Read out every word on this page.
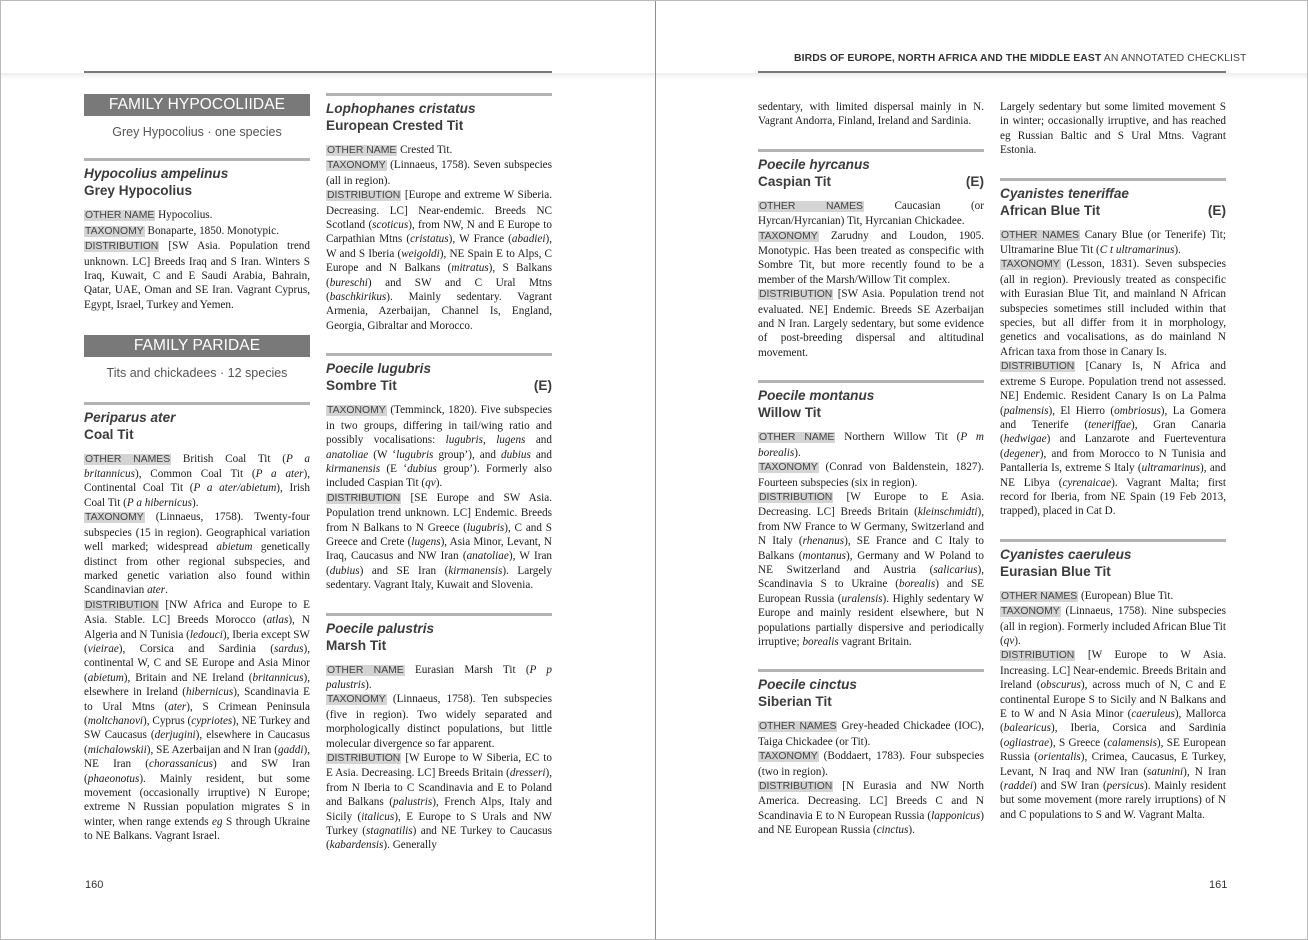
BIRDS OF EUROPE, NORTH AFRICA AND THE MIDDLE EAST AN ANNOTATED CHECKLIST
160	161
FAMILY HYPOCOLIIDAE
Grey Hypocolius · one species
Hypocolius ampelinus
Grey Hypocolius

OTHER NAME Hypocolius.

TAXONOMY Bonaparte, 1850. Monotypic.

DISTRIBUTION [SW Asia. Population trend unknown. LC] Breeds Iraq and S Iran. Winters S Iraq, Kuwait, C and E Saudi Arabia, Bahrain, Qatar, UAE, Oman and SE Iran. Vagrant Cyprus, Egypt, Israel, Turkey and Yemen.

FAMILY PARIDAE
Tits and chickadees · 12 species
Periparus ater
Coal Tit

OTHER NAMES British Coal Tit (P a britannicus), Common Coal Tit (P a ater), Continental Coal Tit (P a ater/abietum), Irish Coal Tit (P a hibernicus).

TAXONOMY (Linnaeus, 1758). Twenty-four subspecies (15 in region). Geographical variation well marked; widespread abietum genetically distinct from other regional subspecies, and marked genetic variation also found within Scandinavian ater.

DISTRIBUTION [NW Africa and Europe to E Asia. Stable. LC] Breeds Morocco (atlas), N Algeria and N Tunisia (ledouci), Iberia except SW (vieirae), Corsica and Sardinia (sardus), continental W, C and SE Europe and Asia Minor (abietum), Britain and NE Ireland (britannicus), elsewhere in Ireland (hibernicus), Scandinavia E to Ural Mtns (ater), S Crimean Peninsula (moltchanovi), Cyprus (cypriotes), NE Turkey and SW Caucasus (derjugini), elsewhere in Caucasus (michalowskii), SE Azerbaijan and N Iran (gaddi), NE Iran (chorassanicus) and SW Iran (phaeonotus). Mainly resident, but some movement (occasionally irruptive) N Europe; extreme N Russian population migrates S in winter, when range extends eg S through Ukraine to NE Balkans. Vagrant Israel.

Lophophanes cristatus
European Crested Tit

OTHER NAME Crested Tit.

TAXONOMY (Linnaeus, 1758). Seven subspecies (all in region).

DISTRIBUTION [Europe and extreme W Siberia. Decreasing. LC] Near-endemic. Breeds NC Scotland (scoticus), from NW, N and E Europe to Carpathian Mtns (cristatus), W France (abadiei), W and S Iberia (weigoldi), NE Spain E to Alps, C Europe and N Balkans (mitratus), S Balkans (bureschi) and SW and C Ural Mtns (baschkirikus). Mainly sedentary. Vagrant Armenia, Azerbaijan, Channel Is, England, Georgia, Gibraltar and Morocco.

Poecile lugubris
Sombre Tit	(E)

TAXONOMY (Temminck, 1820). Five subspecies in two groups, differing in tail/wing ratio and possibly vocalisations: lugubris, lugens and anatoliae (W ‘lugubris group’), and dubius and kirmanensis (E ‘dubius group’). Formerly also included Caspian Tit (qv).

DISTRIBUTION [SE Europe and SW Asia. Population trend unknown. LC] Endemic. Breeds from N Balkans to N Greece (lugubris), C and S Greece and Crete (lugens), Asia Minor, Levant, N Iraq, Caucasus and NW Iran (anatoliae), W Iran (dubius) and SE Iran (kirmanensis). Largely sedentary. Vagrant Italy, Kuwait and Slovenia.

Poecile palustris
Marsh Tit

OTHER NAME Eurasian Marsh Tit (P p palustris).

TAXONOMY (Linnaeus, 1758). Ten subspecies (five in region). Two widely separated and morphologically distinct populations, but little molecular divergence so far apparent.

DISTRIBUTION [W Europe to W Siberia, EC to E Asia. Decreasing. LC] Breeds Britain (dresseri), from N Iberia to C Scandinavia and E to Poland and Balkans (palustris), French Alps, Italy and Sicily (italicus), E Europe to S Urals and NW Turkey (stagnatilis) and NE Turkey to Caucasus (kabardensis). Generally

sedentary, with limited dispersal mainly in N. Vagrant Andorra, Finland, Ireland and Sardinia.

Poecile hyrcanus
Caspian Tit	(E)

OTHER NAMES Caucasian (or Hyrcan/Hyrcanian) Tit, Hyrcanian Chickadee.

TAXONOMY Zarudny and Loudon, 1905. Monotypic. Has been treated as conspecific with Sombre Tit, but more recently found to be a member of the Marsh/Willow Tit complex.

DISTRIBUTION [SW Asia. Population trend not evaluated. NE] Endemic. Breeds SE Azerbaijan and N Iran. Largely sedentary, but some evidence of post-breeding dispersal and altitudinal movement.

Poecile montanus
Willow Tit

OTHER NAME Northern Willow Tit (P m borealis).

TAXONOMY (Conrad von Baldenstein, 1827). Fourteen subspecies (six in region).

DISTRIBUTION [W Europe to E Asia. Decreasing. LC] Breeds Britain (kleinschmidti), from NW France to W Germany, Switzerland and N Italy (rhenanus), SE France and C Italy to Balkans (montanus), Germany and W Poland to NE Switzerland and Austria (salicarius), Scandinavia S to Ukraine (borealis) and SE European Russia (uralensis). Highly sedentary W Europe and mainly resident elsewhere, but N populations partially dispersive and periodically irruptive; borealis vagrant Britain.

Poecile cinctus
Siberian Tit

OTHER NAMES Grey-headed Chickadee (IOC), Taiga Chickadee (or Tit).

TAXONOMY (Boddaert, 1783). Four subspecies (two in region).

DISTRIBUTION [N Eurasia and NW North America. Decreasing. LC] Breeds C and N Scandinavia E to N European Russia (lapponicus) and NE European Russia (cinctus).

Largely sedentary but some limited movement S in winter; occasionally irruptive, and has reached eg Russian Baltic and S Ural Mtns. Vagrant Estonia.

Cyanistes teneriffae
African Blue Tit	(E)

OTHER NAMES Canary Blue (or Tenerife) Tit; Ultramarine Blue Tit (C t ultramarinus).

TAXONOMY (Lesson, 1831). Seven subspecies (all in region). Previously treated as conspecific with Eurasian Blue Tit, and mainland N African subspecies sometimes still included within that species, but all differ from it in morphology, genetics and vocalisations, as do mainland N African taxa from those in Canary Is.

DISTRIBUTION [Canary Is, N Africa and extreme S Europe. Population trend not assessed. NE] Endemic. Resident Canary Is on La Palma (palmensis), El Hierro (ombriosus), La Gomera and Tenerife (teneriffae), Gran Canaria (hedwigae) and Lanzarote and Fuerteventura (degener), and from Morocco to N Tunisia and Pantalleria Is, extreme S Italy (ultramarinus), and NE Libya (cyrenaicae). Vagrant Malta; first record for Iberia, from NE Spain (19 Feb 2013, trapped), placed in Cat D.

Cyanistes caeruleus
Eurasian Blue Tit

OTHER NAMES (European) Blue Tit.

TAXONOMY (Linnaeus, 1758). Nine subspecies (all in region). Formerly included African Blue Tit (qv).

DISTRIBUTION [W Europe to W Asia. Increasing. LC] Near-endemic. Breeds Britain and Ireland (obscurus), across much of N, C and E continental Europe S to Sicily and N Balkans and E to W and N Asia Minor (caeruleus), Mallorca (balearicus), Iberia, Corsica and Sardinia (ogliastrae), S Greece (calamensis), SE European Russia (orientalis), Crimea, Caucasus, E Turkey, Levant, N Iraq and NW Iran (satunini), N Iran (raddei) and SW Iran (persicus). Mainly resident but some movement (more rarely irruptions) of N and C populations to S and W. Vagrant Malta.
